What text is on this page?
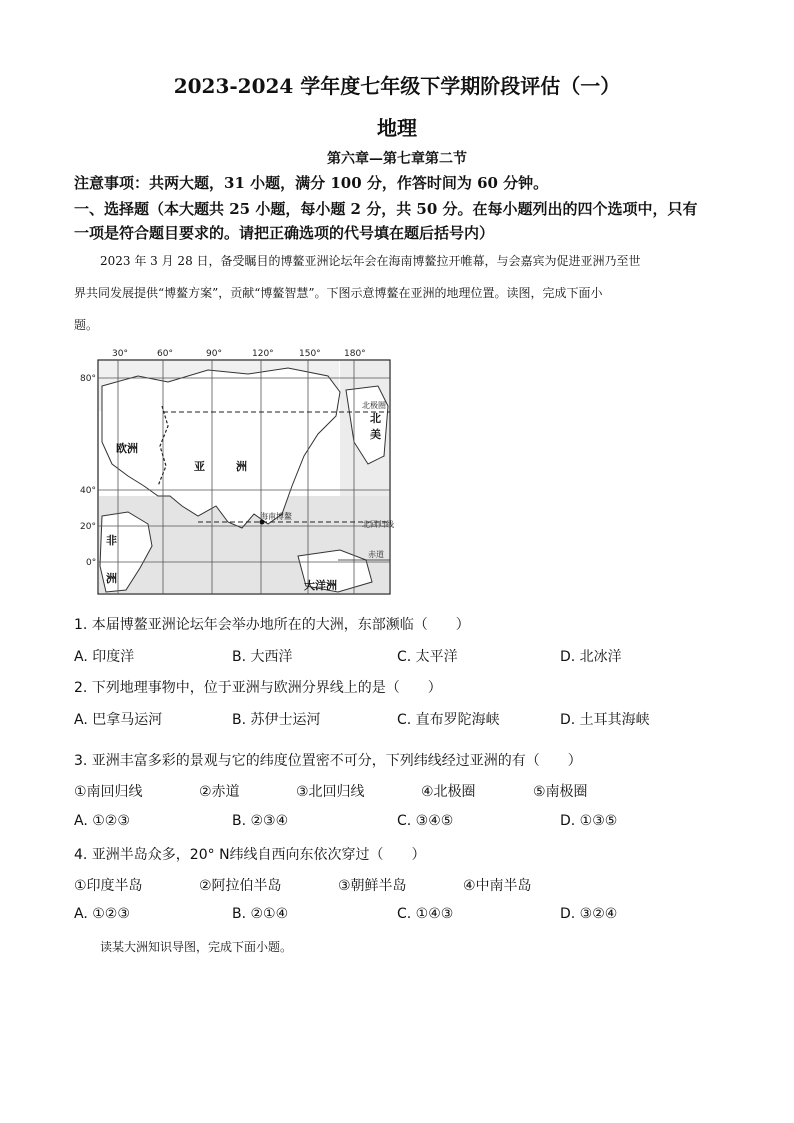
2023-2024 学年度七年级下学期阶段评估（一）
地理
第六章—第七章第二节
注意事项：共两大题，31 小题，满分 100 分，作答时间为 60 分钟。
一、选择题（本大题共 25 小题，每小题 2 分，共 50 分。在每小题列出的四个选项中，只有
一项是符合题目要求的。请把正确选项的代号填在题后括号内）
2023 年 3 月 28 日，备受瞩目的博鳌亚洲论坛年会在海南博鳌拉开帷幕，与会嘉宾为促进亚洲乃至世
界共同发展提供“博鳌方案”，贡献“博鳌智慧”。下图示意博鳌在亚洲的地理位置。读图，完成下面小
题。
30°	60°	90°	120°	150°	180°
80°
40°
20°
0°
欧洲
亚	洲
非
洲
北
美
大洋洲
北极圈
北回归线
赤道
海南博鳌
1. 本届博鳌亚洲论坛年会举办地所在的大洲，东部濒临（　　）
A. 印度洋	B. 大西洋	C. 太平洋	D. 北冰洋
2. 下列地理事物中，位于亚洲与欧洲分界线上的是（　　）
A. 巴拿马运河	B. 苏伊士运河	C. 直布罗陀海峡	D. 土耳其海峡
3. 亚洲丰富多彩的景观与它的纬度位置密不可分，下列纬线经过亚洲的有（　　）
①南回归线	②赤道	③北回归线	④北极圈	⑤南极圈
A. ①②③	B. ②③④	C. ③④⑤	D. ①③⑤
4. 亚洲半岛众多，20° N纬线自西向东依次穿过（　　）
①印度半岛	②阿拉伯半岛	③朝鲜半岛	④中南半岛
A. ①②③	B. ②①④	C. ①④③	D. ③②④
读某大洲知识导图，完成下面小题。
